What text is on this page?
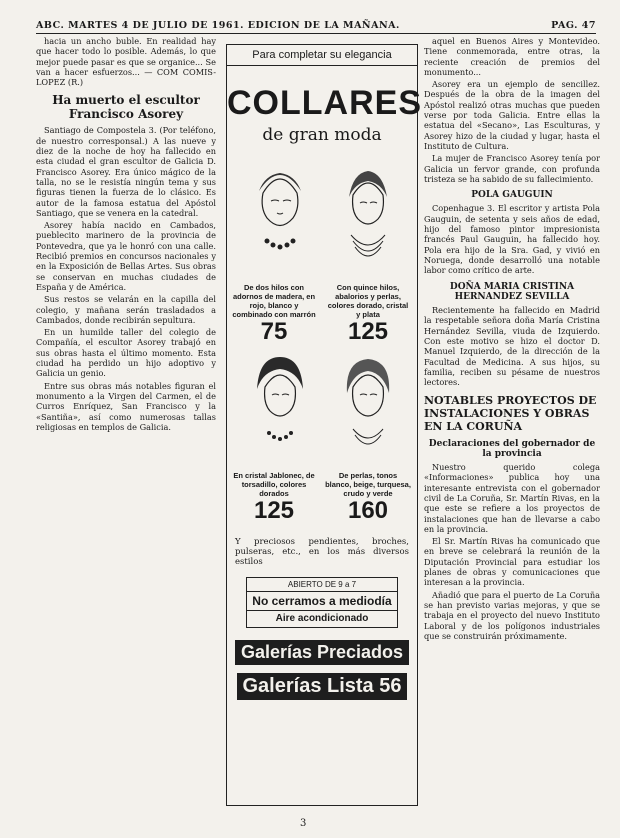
ABC. MARTES 4 DE JULIO DE 1961. EDICION DE LA MAÑANA.	PAG. 47

hacia un ancho buble. En realidad hay que hacer todo lo posible. Además, lo que mejor puede pasar es que se organice... Se van a hacer esfuerzos... — COM COMIS-LOPEZ (R.)

Ha muerto el escultor Francisco Asorey

Santiago de Compostela 3. (Por teléfono, de nuestro corresponsal.) A las nueve y diez de la noche de hoy ha fallecido en esta ciudad el gran escultor de Galicia D. Francisco Asorey. Era único mágico de la talla, no se le resistía ningún tema y sus figuras tienen la fuerza de lo clásico. Es autor de la famosa estatua del Apóstol Santiago, que se venera en la catedral.

Asorey había nacido en Cambados, pueblecito marinero de la provincia de Pontevedra, que ya le honró con una calle. Recibió premios en concursos nacionales y en la Exposición de Bellas Artes. Sus obras se conservan en muchas ciudades de España y de América.

Sus restos se velarán en la capilla del colegio, y mañana serán trasladados a Cambados, donde recibirán sepultura.

En un humilde taller del colegio de Compañía, el escultor Asorey trabajó en sus obras hasta el último momento. Esta ciudad ha perdido un hijo adoptivo y Galicia un genio.

Entre sus obras más notables figuran el monumento a la Virgen del Carmen, el de Curros Enríquez, San Francisco y la «Santiña», así como numerosas tallas religiosas en templos de Galicia.

Para completar su elegancia
COLLARES
de gran moda
De dos hilos con adornos de madera, en rojo, blanco y combinado con marrón
75
Con quince hilos, abalorios y perlas, colores dorado, cristal y plata
125
En cristal Jablonec, de torsadillo, colores dorados
125
De perlas, tonos blanco, beige, turquesa, crudo y verde
160
Y preciosos pendientes, broches, pulseras, etc., en los más diversos estilos
ABIERTO DE 9 a 7
No cerramos a mediodía
Aire acondicionado
Galerías Preciados
Galerías Lista 56

aquel en Buenos Aires y Montevideo. Tiene conmemorada, entre otras, la reciente creación de premios del monumento...

Asorey era un ejemplo de sencillez. Después de la obra de la imagen del Apóstol realizó otras muchas que pueden verse por toda Galicia. Entre ellas la estatua del «Secano», Las Esculturas, y Asorey hizo de la ciudad y lugar, hasta el Instituto de Cultura.

La mujer de Francisco Asorey tenía por Galicia un fervor grande, con profunda tristeza se ha sabido de su fallecimiento.

POLA GAUGUIN

Copenhague 3. El escritor y artista Pola Gauguin, de setenta y seis años de edad, hijo del famoso pintor impresionista francés Paul Gauguin, ha fallecido hoy. Pola era hijo de la Sra. Gad, y vivió en Noruega, donde desarrolló una notable labor como crítico de arte.

DOÑA MARIA CRISTINA HERNANDEZ SEVILLA

Recientemente ha fallecido en Madrid la respetable señora doña María Cristina Hernández Sevilla, viuda de Izquierdo. Con este motivo se hizo el doctor D. Manuel Izquierdo, de la dirección de la Facultad de Medicina. A sus hijos, su familia, reciben su pésame de nuestros lectores.

NOTABLES PROYECTOS DE INSTALACIONES Y OBRAS EN LA CORUÑA
Declaraciones del gobernador de la provincia

Nuestro querido colega «Informaciones» publica hoy una interesante entrevista con el gobernador civil de La Coruña, Sr. Martín Rivas, en la que este se refiere a los proyectos de instalaciones que han de llevarse a cabo en la provincia.

El Sr. Martín Rivas ha comunicado que en breve se celebrará la reunión de la Diputación Provincial para estudiar los planes de obras y comunicaciones que interesan a la provincia.

Añadió que para el puerto de La Coruña se han previsto varias mejoras, y que se trabaja en el proyecto del nuevo Instituto Laboral y de los polígonos industriales que se construirán próximamente.

3
